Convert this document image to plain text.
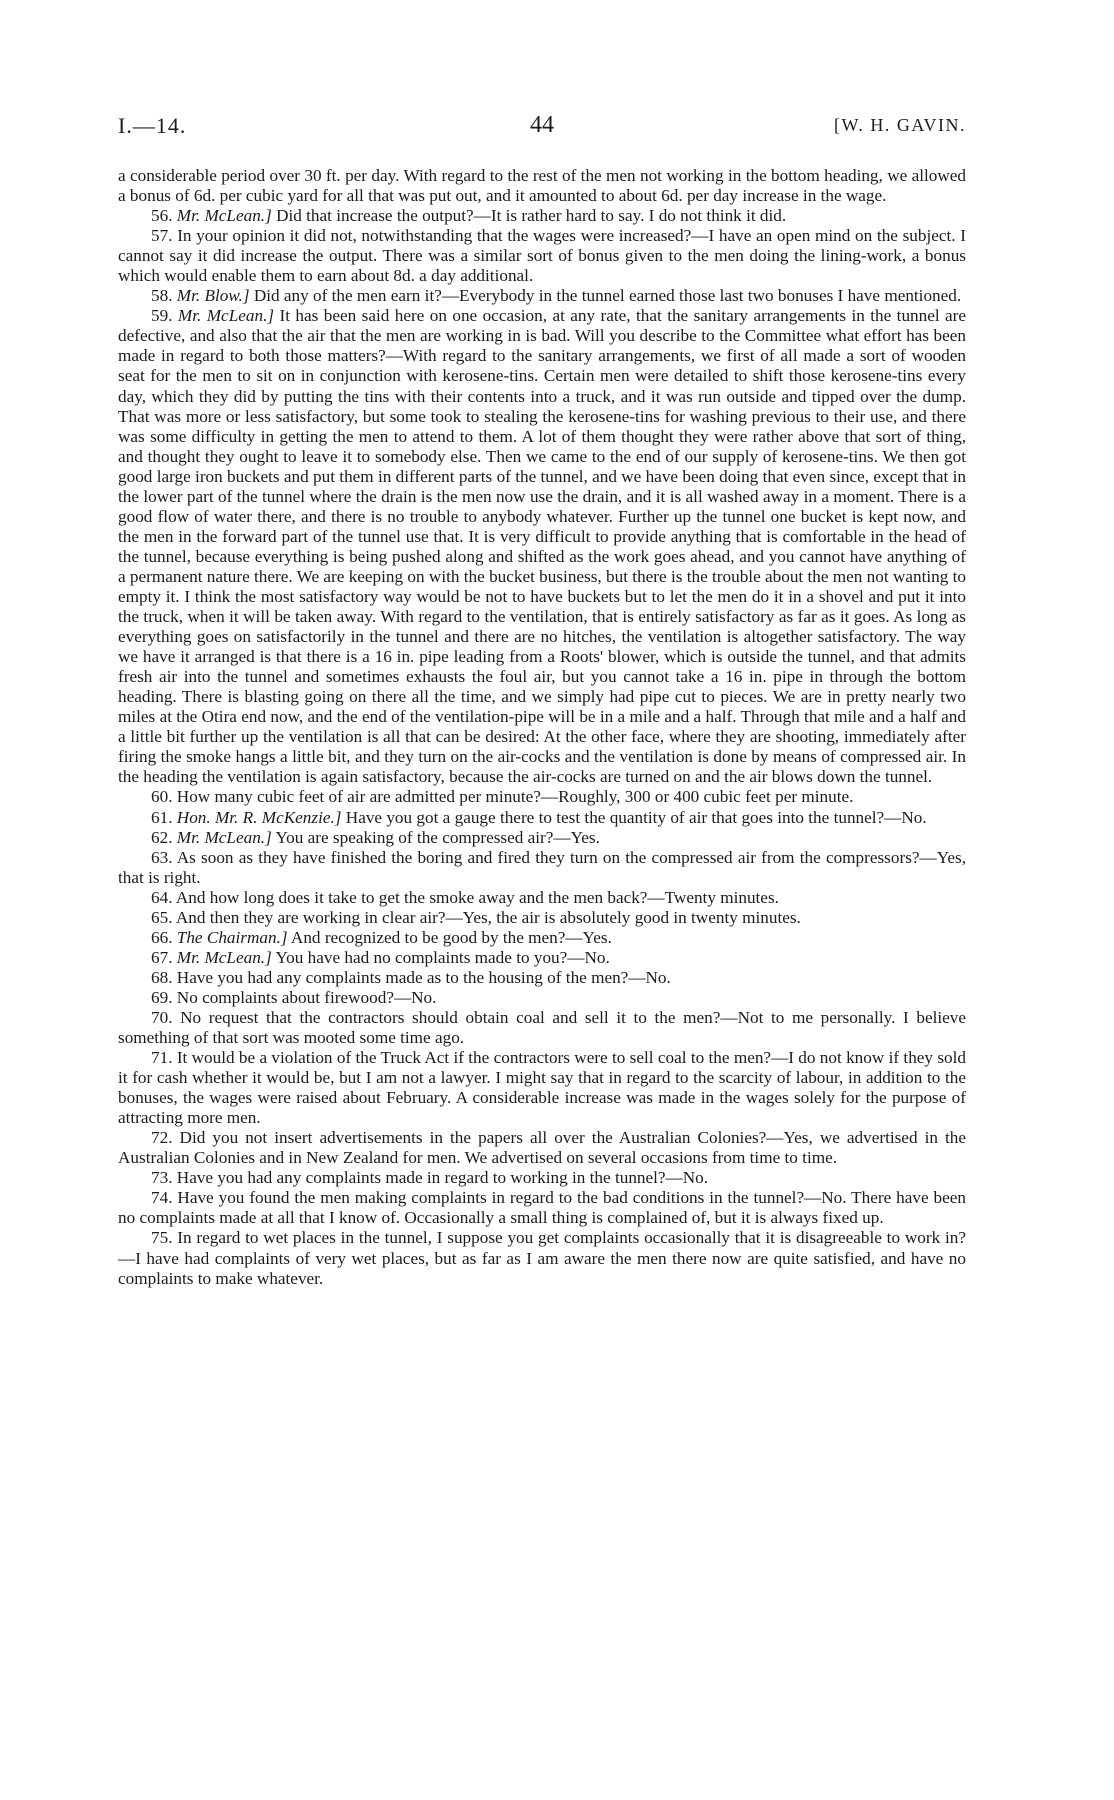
I.—14.	44	[W. H. GAVIN.

a considerable period over 30 ft. per day. With regard to the rest of the men not working in the bottom heading, we allowed a bonus of 6d. per cubic yard for all that was put out, and it amounted to about 6d. per day increase in the wage.

56. Mr. McLean.] Did that increase the output?—It is rather hard to say. I do not think it did.

57. In your opinion it did not, notwithstanding that the wages were increased?—I have an open mind on the subject. I cannot say it did increase the output. There was a similar sort of bonus given to the men doing the lining-work, a bonus which would enable them to earn about 8d. a day additional.

58. Mr. Blow.] Did any of the men earn it?—Everybody in the tunnel earned those last two bonuses I have mentioned.

59. Mr. McLean.] It has been said here on one occasion, at any rate, that the sanitary arrangements in the tunnel are defective, and also that the air that the men are working in is bad. Will you describe to the Committee what effort has been made in regard to both those matters?—With regard to the sanitary arrangements, we first of all made a sort of wooden seat for the men to sit on in conjunction with kerosene-tins. Certain men were detailed to shift those kerosene-tins every day, which they did by putting the tins with their contents into a truck, and it was run outside and tipped over the dump. That was more or less satisfactory, but some took to stealing the kerosene-tins for washing previous to their use, and there was some difficulty in getting the men to attend to them. A lot of them thought they were rather above that sort of thing, and thought they ought to leave it to somebody else. Then we came to the end of our supply of kerosene-tins. We then got good large iron buckets and put them in different parts of the tunnel, and we have been doing that even since, except that in the lower part of the tunnel where the drain is the men now use the drain, and it is all washed away in a moment. There is a good flow of water there, and there is no trouble to anybody whatever. Further up the tunnel one bucket is kept now, and the men in the forward part of the tunnel use that. It is very difficult to provide anything that is comfortable in the head of the tunnel, because everything is being pushed along and shifted as the work goes ahead, and you cannot have anything of a permanent nature there. We are keeping on with the bucket business, but there is the trouble about the men not wanting to empty it. I think the most satisfactory way would be not to have buckets but to let the men do it in a shovel and put it into the truck, when it will be taken away. With regard to the ventilation, that is entirely satisfactory as far as it goes. As long as everything goes on satisfactorily in the tunnel and there are no hitches, the ventilation is altogether satisfactory. The way we have it arranged is that there is a 16 in. pipe leading from a Roots' blower, which is outside the tunnel, and that admits fresh air into the tunnel and sometimes exhausts the foul air, but you cannot take a 16 in. pipe in through the bottom heading. There is blasting going on there all the time, and we simply had pipe cut to pieces. We are in pretty nearly two miles at the Otira end now, and the end of the ventilation-pipe will be in a mile and a half. Through that mile and a half and a little bit further up the ventilation is all that can be desired: At the other face, where they are shooting, immediately after firing the smoke hangs a little bit, and they turn on the air-cocks and the ventilation is done by means of compressed air. In the heading the ventilation is again satisfactory, because the air-cocks are turned on and the air blows down the tunnel.

60. How many cubic feet of air are admitted per minute?—Roughly, 300 or 400 cubic feet per minute.

61. Hon. Mr. R. McKenzie.] Have you got a gauge there to test the quantity of air that goes into the tunnel?—No.

62. Mr. McLean.] You are speaking of the compressed air?—Yes.

63. As soon as they have finished the boring and fired they turn on the compressed air from the compressors?—Yes, that is right.

64. And how long does it take to get the smoke away and the men back?—Twenty minutes.

65. And then they are working in clear air?—Yes, the air is absolutely good in twenty minutes.

66. The Chairman.] And recognized to be good by the men?—Yes.

67. Mr. McLean.] You have had no complaints made to you?—No.

68. Have you had any complaints made as to the housing of the men?—No.

69. No complaints about firewood?—No.

70. No request that the contractors should obtain coal and sell it to the men?—Not to me personally. I believe something of that sort was mooted some time ago.

71. It would be a violation of the Truck Act if the contractors were to sell coal to the men?—I do not know if they sold it for cash whether it would be, but I am not a lawyer. I might say that in regard to the scarcity of labour, in addition to the bonuses, the wages were raised about February. A considerable increase was made in the wages solely for the purpose of attracting more men.

72. Did you not insert advertisements in the papers all over the Australian Colonies?—Yes, we advertised in the Australian Colonies and in New Zealand for men. We advertised on several occasions from time to time.

73. Have you had any complaints made in regard to working in the tunnel?—No.

74. Have you found the men making complaints in regard to the bad conditions in the tunnel?—No. There have been no complaints made at all that I know of. Occasionally a small thing is complained of, but it is always fixed up.

75. In regard to wet places in the tunnel, I suppose you get complaints occasionally that it is disagreeable to work in?—I have had complaints of very wet places, but as far as I am aware the men there now are quite satisfied, and have no complaints to make whatever.
